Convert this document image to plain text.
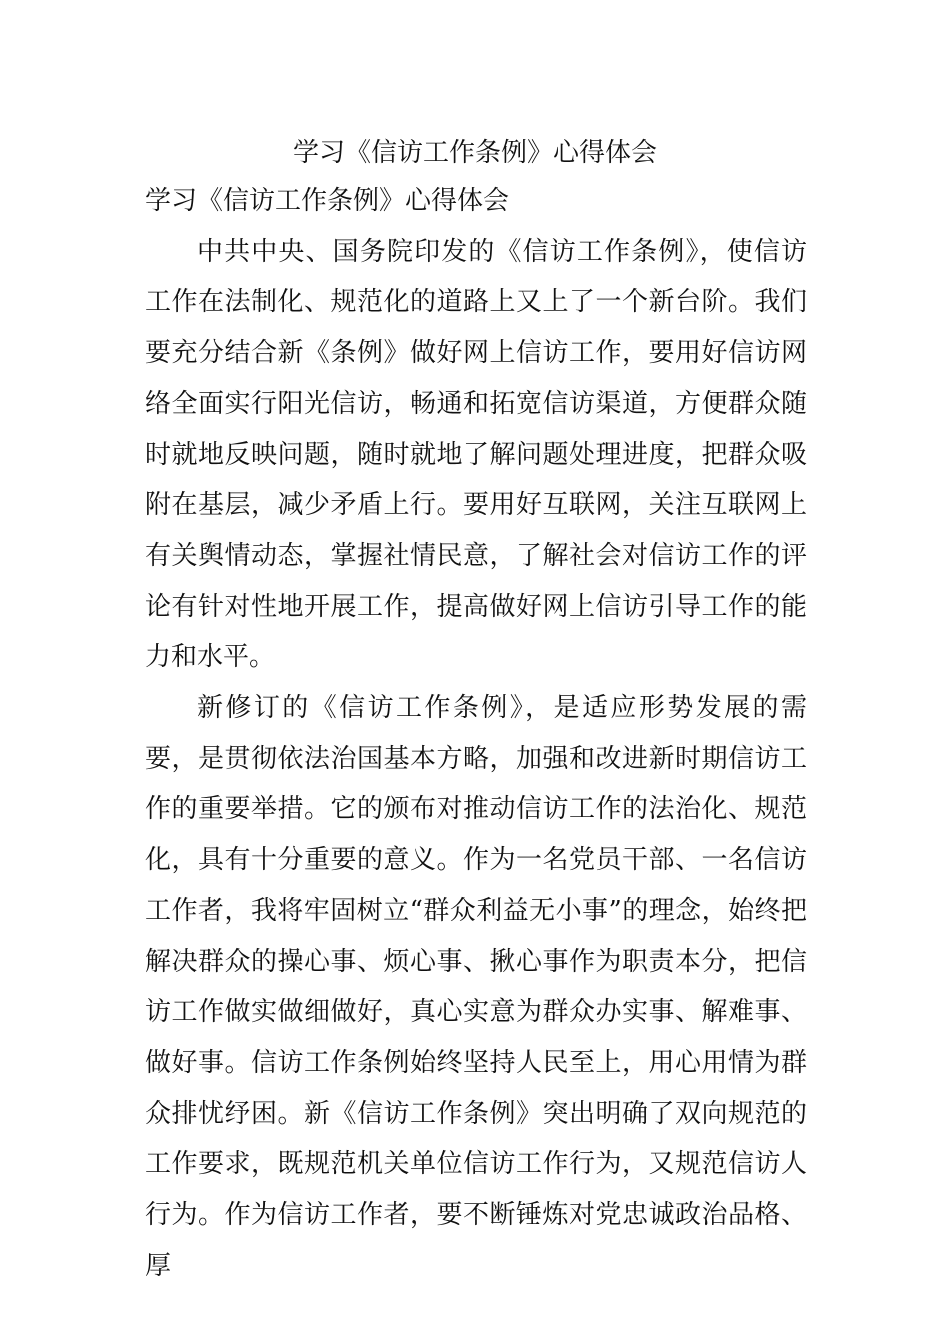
学习《信访工作条例》心得体会

学习《信访工作条例》心得体会

中共中央、国务院印发的《信访工作条例》，使信访工作在法制化、规范化的道路上又上了一个新台阶。我们要充分结合新《条例》做好网上信访工作，要用好信访网络全面实行阳光信访，畅通和拓宽信访渠道，方便群众随时就地反映问题，随时就地了解问题处理进度，把群众吸附在基层，减少矛盾上行。要用好互联网，关注互联网上有关舆情动态，掌握社情民意，了解社会对信访工作的评论有针对性地开展工作，提高做好网上信访引导工作的能力和水平。

新修订的《信访工作条例》，是适应形势发展的需要，是贯彻依法治国基本方略，加强和改进新时期信访工作的重要举措。它的颁布对推动信访工作的法治化、规范化，具有十分重要的意义。作为一名党员干部、一名信访工作者，我将牢固树立“群众利益无小事”的理念，始终把解决群众的操心事、烦心事、揪心事作为职责本分，把信访工作做实做细做好，真心实意为群众办实事、解难事、做好事。信访工作条例始终坚持人民至上，用心用情为群众排忧纾困。新《信访工作条例》突出明确了双向规范的工作要求，既规范机关单位信访工作行为，又规范信访人行为。作为信访工作者，要不断锤炼对党忠诚政治品格、厚
